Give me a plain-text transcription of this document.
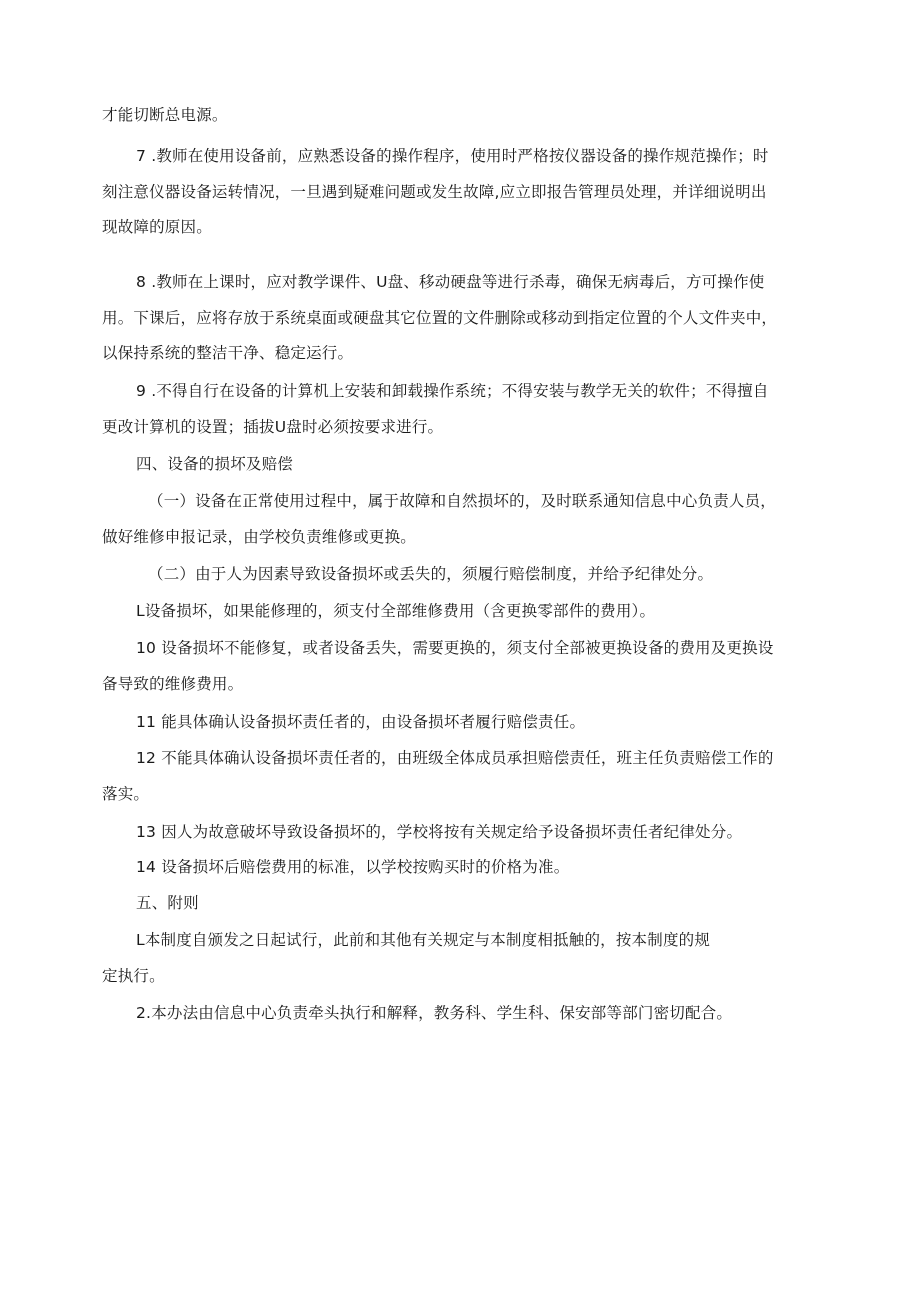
才能切断总电源。
7 .教师在使用设备前，应熟悉设备的操作程序，使用时严格按仪器设备的操作规范操作；时
刻注意仪器设备运转情况，一旦遇到疑难问题或发生故障,应立即报告管理员处理，并详细说明出
现故障的原因。
8 .教师在上课时，应对教学课件、U盘、移动硬盘等进行杀毒，确保无病毒后，方可操作使
用。下课后，应将存放于系统桌面或硬盘其它位置的文件删除或移动到指定位置的个人文件夹中，
以保持系统的整洁干净、稳定运行。
9 .不得自行在设备的计算机上安装和卸载操作系统；不得安装与教学无关的软件；不得擅自
更改计算机的设置；插拔U盘时必须按要求进行。
四、设备的损坏及赔偿
（一）设备在正常使用过程中，属于故障和自然损坏的，及时联系通知信息中心负责人员，
做好维修申报记录，由学校负责维修或更换。
（二）由于人为因素导致设备损坏或丢失的，须履行赔偿制度，并给予纪律处分。
L设备损坏，如果能修理的，须支付全部维修费用（含更换零部件的费用）。
10 设备损坏不能修复，或者设备丢失，需要更换的，须支付全部被更换设备的费用及更换设
备导致的维修费用。
11 能具体确认设备损坏责任者的，由设备损坏者履行赔偿责任。
12 不能具体确认设备损坏责任者的，由班级全体成员承担赔偿责任，班主任负责赔偿工作的
落实。
13 因人为故意破坏导致设备损坏的，学校将按有关规定给予设备损坏责任者纪律处分。
14 设备损坏后赔偿费用的标准，以学校按购买时的价格为准。
五、附则
L本制度自颁发之日起试行，此前和其他有关规定与本制度相抵触的，按本制度的规
定执行。
2.本办法由信息中心负责牵头执行和解释，教务科、学生科、保安部等部门密切配合。
